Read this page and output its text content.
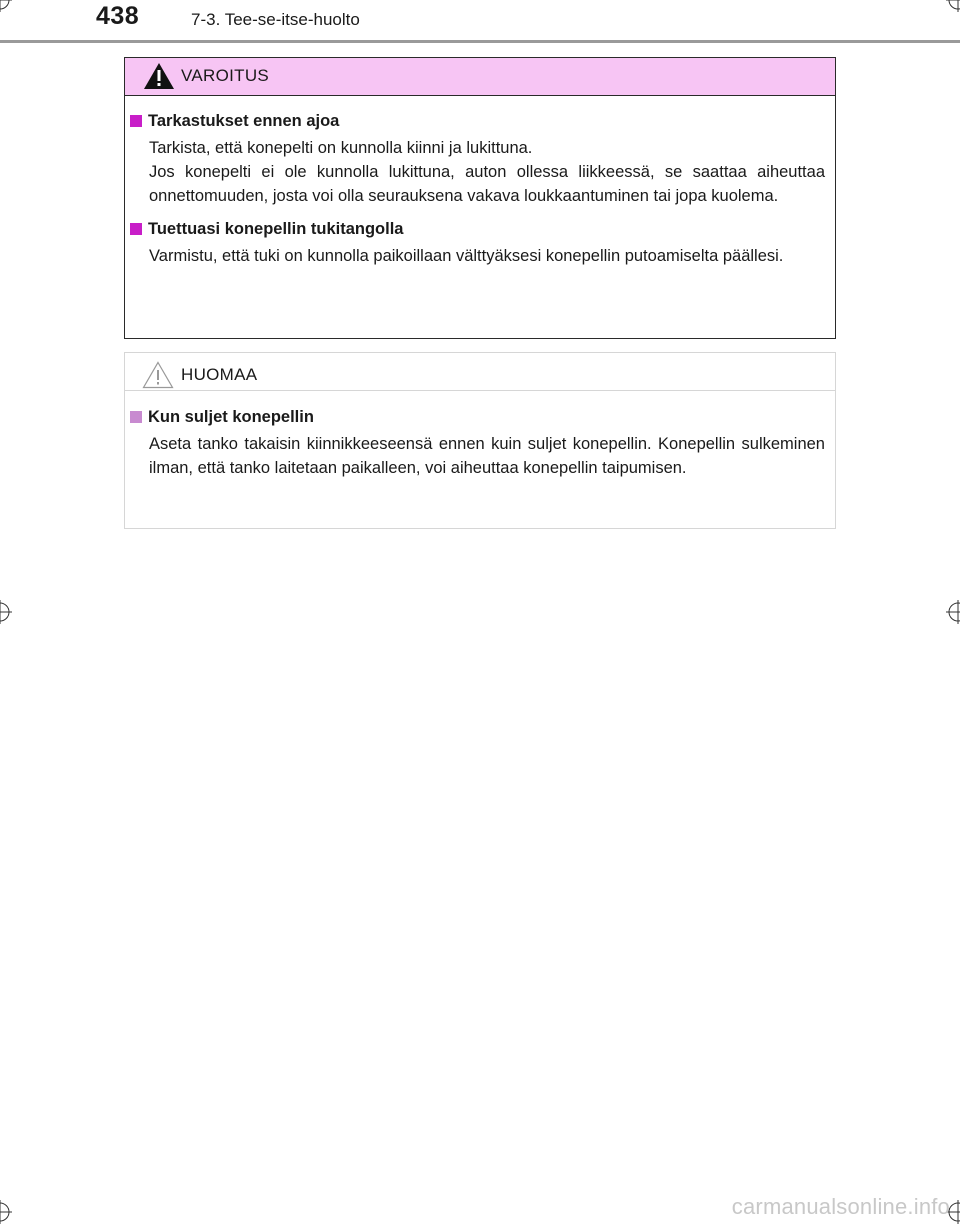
438	7-3. Tee-se-itse-huolto
VAROITUS
Tarkastukset ennen ajoa

Tarkista, että konepelti on kunnolla kiinni ja lukittuna.

Jos konepelti ei ole kunnolla lukittuna, auton ollessa liikkeessä, se saattaa aiheuttaa onnettomuuden, josta voi olla seurauksena vakava loukkaantuminen tai jopa kuolema.

Tuettuasi konepellin tukitangolla

Varmistu, että tuki on kunnolla paikoillaan välttyäksesi konepellin putoamiselta päällesi.

HUOMAA
Kun suljet konepellin

Aseta tanko takaisin kiinnikkeeseensä ennen kuin suljet konepellin. Konepellin sulkeminen ilman, että tanko laitetaan paikalleen, voi aiheuttaa konepellin taipumisen.

carmanualsonline.info
